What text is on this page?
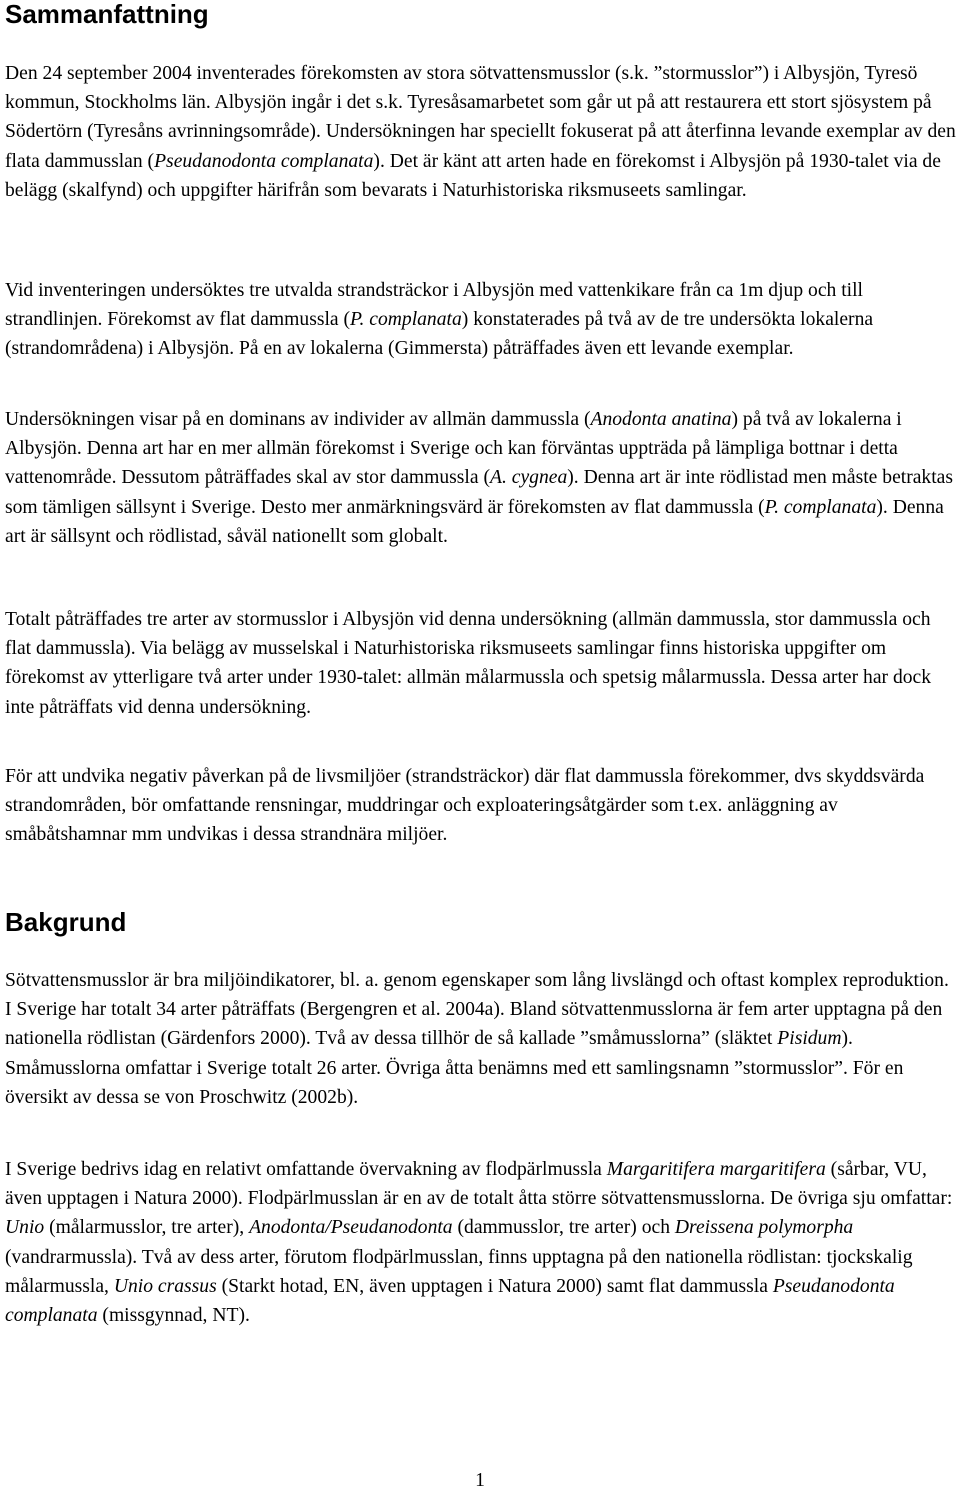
Sammanfattning

Den 24 september 2004 inventerades förekomsten av stora sötvattensmusslor (s.k. ”stormusslor”) i Albysjön, Tyresö kommun, Stockholms län. Albysjön ingår i det s.k. Tyresåsamarbetet som går ut på att restaurera ett stort sjösystem på Södertörn (Tyresåns avrinningsområde). Undersökningen har speciellt fokuserat på att återfinna levande exemplar av den flata dammusslan (Pseudanodonta complanata). Det är känt att arten hade en förekomst i Albysjön på 1930-talet via de belägg (skalfynd) och uppgifter härifrån som bevarats i Naturhistoriska riksmuseets samlingar.

Vid inventeringen undersöktes tre utvalda strandsträckor i Albysjön med vattenkikare från ca 1m djup och till strandlinjen. Förekomst av flat dammussla (P. complanata) konstaterades på två av de tre undersökta lokalerna (strandområdena) i Albysjön. På en av lokalerna (Gimmersta) påträffades även ett levande exemplar.

Undersökningen visar på en dominans av individer av allmän dammussla (Anodonta anatina) på två av lokalerna i Albysjön. Denna art har en mer allmän förekomst i Sverige och kan förväntas uppträda på lämpliga bottnar i detta vattenområde. Dessutom påträffades skal av stor dammussla (A. cygnea). Denna art är inte rödlistad men måste betraktas som tämligen sällsynt i Sverige. Desto mer anmärkningsvärd är förekomsten av flat dammussla (P. complanata). Denna art är sällsynt och rödlistad, såväl nationellt som globalt.

Totalt påträffades tre arter av stormusslor i Albysjön vid denna undersökning (allmän dammussla, stor dammussla och flat dammussla). Via belägg av musselskal i Naturhistoriska riksmuseets samlingar finns historiska uppgifter om förekomst av ytterligare två arter under 1930-talet: allmän målarmussla och spetsig målarmussla. Dessa arter har dock inte påträffats vid denna undersökning.

För att undvika negativ påverkan på de livsmiljöer (strandsträckor) där flat dammussla förekommer, dvs skyddsvärda strandområden, bör omfattande rensningar, muddringar och exploateringsåtgärder som t.ex. anläggning av småbåtshamnar mm undvikas i dessa strandnära miljöer.

Bakgrund

Sötvattensmusslor är bra miljöindikatorer, bl. a. genom egenskaper som lång livslängd och oftast komplex reproduktion. I Sverige har totalt 34 arter påträffats (Bergengren et al. 2004a). Bland sötvattenmusslorna är fem arter upptagna på den nationella rödlistan (Gärdenfors 2000). Två av dessa tillhör de så kallade ”småmusslorna” (släktet Pisidum). Småmusslorna omfattar i Sverige totalt 26 arter. Övriga åtta benämns med ett samlingsnamn ”stormusslor”. För en översikt av dessa se von Proschwitz (2002b).

I Sverige bedrivs idag en relativt omfattande övervakning av flodpärlmussla Margaritifera margaritifera (sårbar, VU, även upptagen i Natura 2000). Flodpärlmusslan är en av de totalt åtta större sötvattensmusslorna. De övriga sju omfattar: Unio (målarmusslor, tre arter), Anodonta/Pseudanodonta (dammusslor, tre arter) och Dreissena polymorpha (vandrarmussla). Två av dess arter, förutom flodpärlmusslan, finns upptagna på den nationella rödlistan: tjockskalig målarmussla, Unio crassus (Starkt hotad, EN, även upptagen i Natura 2000) samt flat dammussla Pseudanodonta complanata (missgynnad, NT).

1
